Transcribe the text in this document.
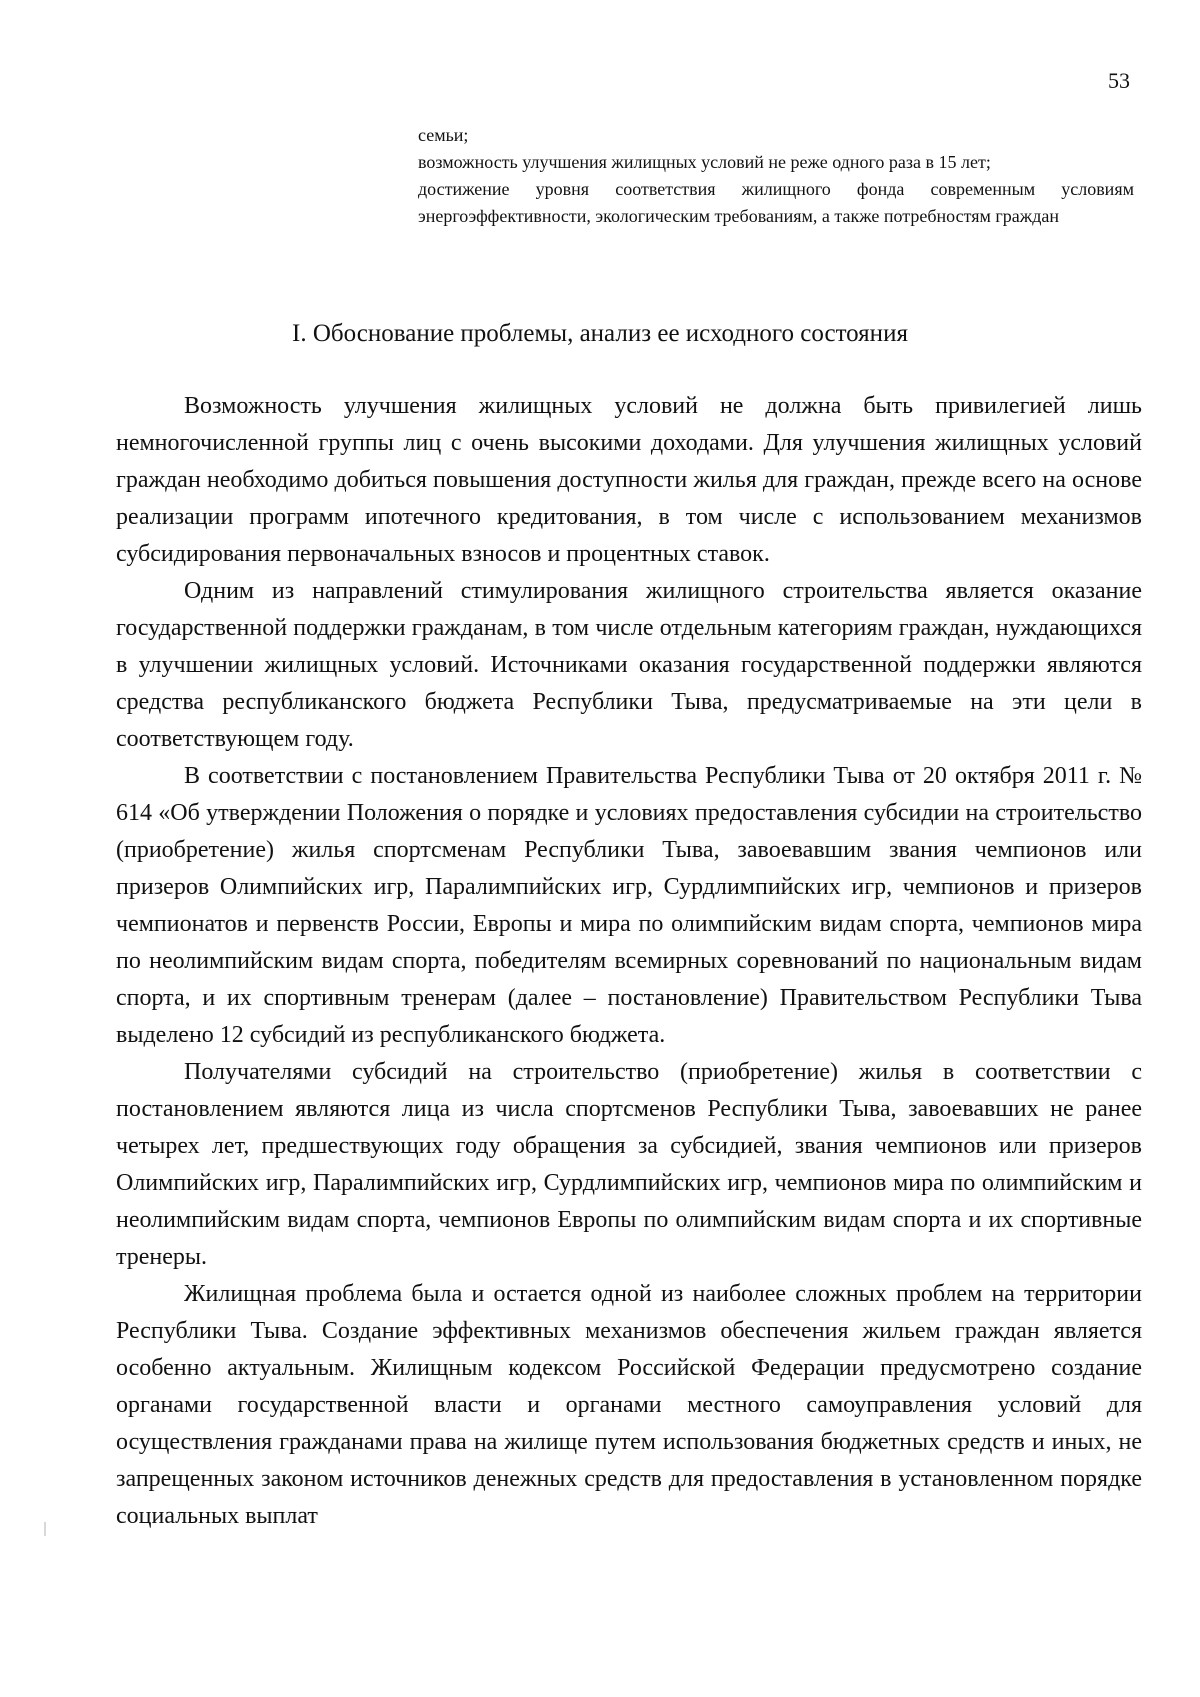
53

семьи;

возможность улучшения жилищных условий не реже одного раза в 15 лет;

достижение уровня соответствия жилищного фонда современным условиям энергоэффективности, экологическим требованиям, а также потребностям граждан

I. Обоснование проблемы, анализ ее исходного состояния

Возможность улучшения жилищных условий не должна быть привилегией лишь немногочисленной группы лиц с очень высокими доходами. Для улучшения жилищных условий граждан необходимо добиться повышения доступности жилья для граждан, прежде всего на основе реализации программ ипотечного кредитования, в том числе с использованием механизмов субсидирования первоначальных взносов и процентных ставок.

Одним из направлений стимулирования жилищного строительства является оказание государственной поддержки гражданам, в том числе отдельным категориям граждан, нуждающихся в улучшении жилищных условий. Источниками оказания государственной поддержки являются средства республиканского бюджета Республики Тыва, предусматриваемые на эти цели в соответствующем году.

В соответствии с постановлением Правительства Республики Тыва от 20 октября 2011 г. № 614 «Об утверждении Положения о порядке и условиях предоставления субсидии на строительство (приобретение) жилья спортсменам Республики Тыва, завоевавшим звания чемпионов или призеров Олимпийских игр, Паралимпийских игр, Сурдлимпийских игр, чемпионов и призеров чемпионатов и первенств России, Европы и мира по олимпийским видам спорта, чемпионов мира по неолимпийским видам спорта, победителям всемирных соревнований по национальным видам спорта, и их спортивным тренерам (далее – постановление) Правительством Республики Тыва выделено 12 субсидий из республиканского бюджета.

Получателями субсидий на строительство (приобретение) жилья в соответствии с постановлением являются лица из числа спортсменов Республики Тыва, завоевавших не ранее четырех лет, предшествующих году обращения за субсидией, звания чемпионов или призеров Олимпийских игр, Паралимпийских игр, Сурдлимпийских игр, чемпионов мира по олимпийским и неолимпийским видам спорта, чемпионов Европы по олимпийским видам спорта и их спортивные тренеры.

Жилищная проблема была и остается одной из наиболее сложных проблем на территории Республики Тыва. Создание эффективных механизмов обеспечения жильем граждан является особенно актуальным. Жилищным кодексом Российской Федерации предусмотрено создание органами государственной власти и органами местного самоуправления условий для осуществления гражданами права на жилище путем использования бюджетных средств и иных, не запрещенных законом источников денежных средств для предоставления в установленном порядке социальных выплат
